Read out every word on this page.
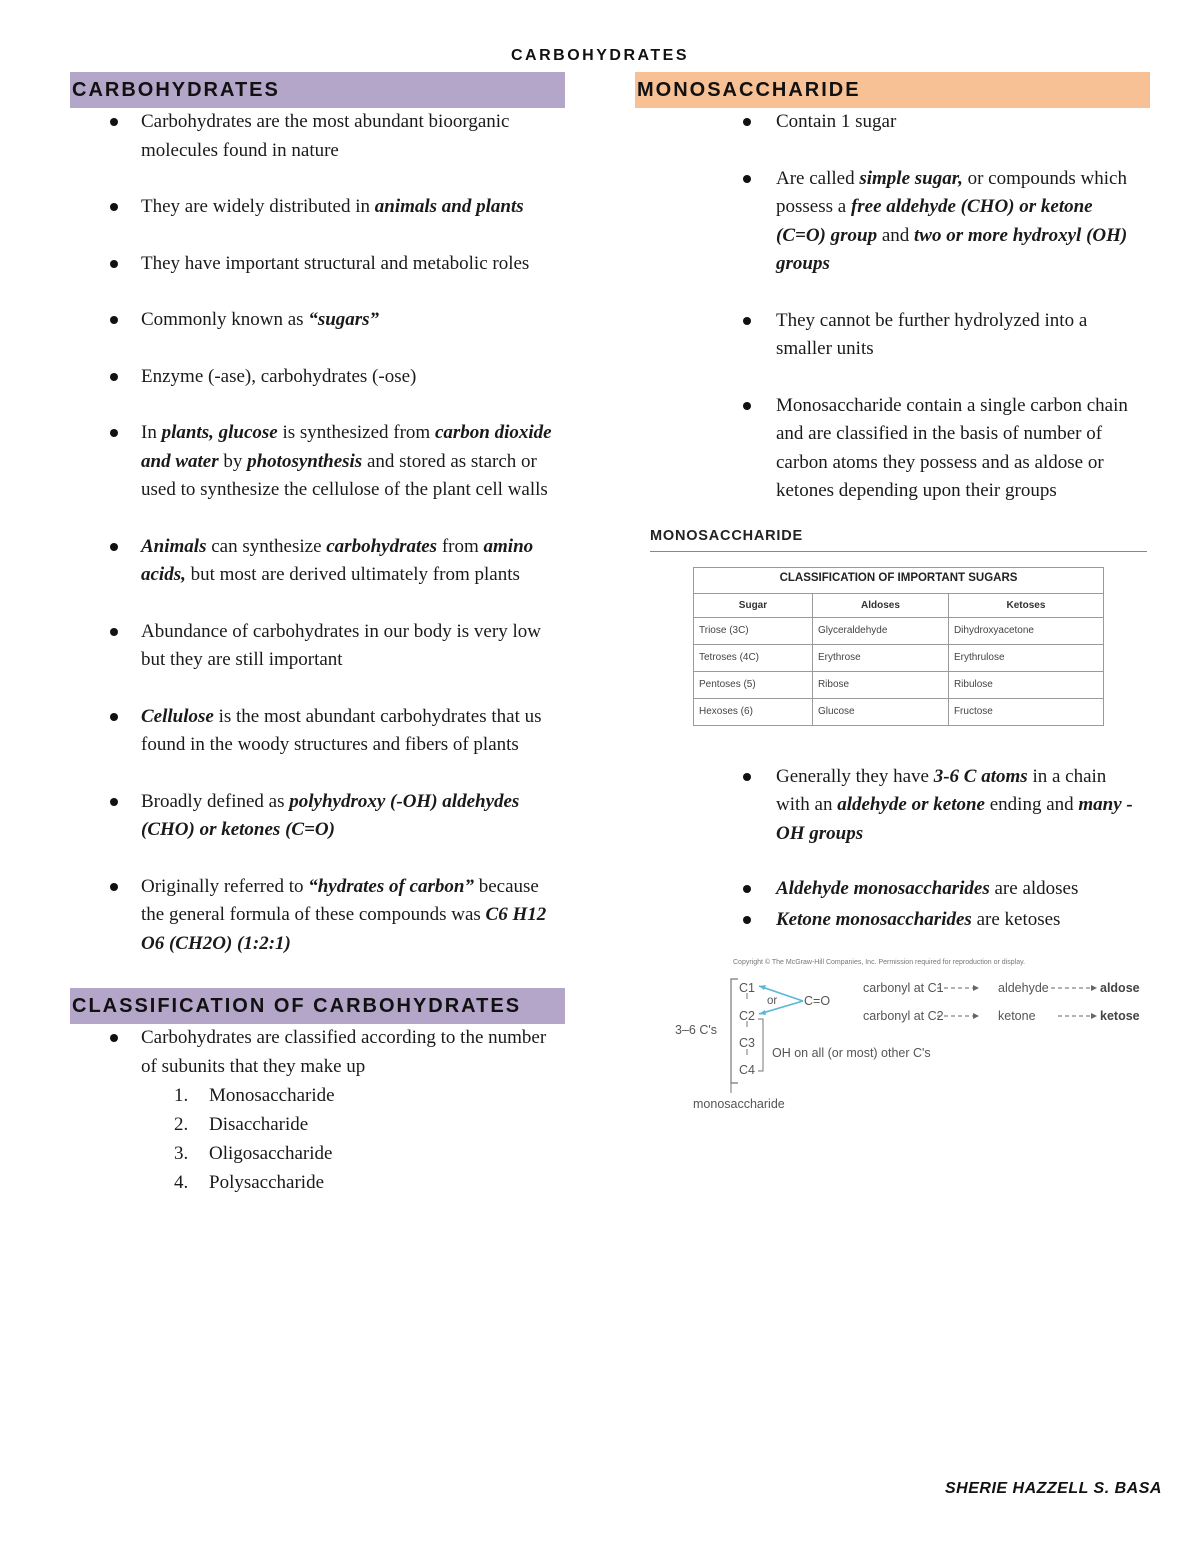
CARBOHYDRATES
CARBOHYDRATES
Carbohydrates are the most abundant bioorganic molecules found in nature
They are widely distributed in animals and plants
They have important structural and metabolic roles
Commonly known as “sugars”
Enzyme (-ase), carbohydrates (-ose)
In plants, glucose is synthesized from carbon dioxide and water by photosynthesis and stored as starch or used to synthesize the cellulose of the plant cell walls
Animals can synthesize carbohydrates from amino acids, but most are derived ultimately from plants
Abundance of carbohydrates in our body is very low but they are still important
Cellulose is the most abundant carbohydrates that us found in the woody structures and fibers of plants
Broadly defined as polyhydroxy (-OH) aldehydes (CHO) or ketones (C=O)
Originally referred to “hydrates of carbon” because the general formula of these compounds was C6 H12 O6 (CH2O) (1:2:1)
CLASSIFICATION OF CARBOHYDRATES
Carbohydrates are classified according to the number of subunits that they make up
1. Monosaccharide
2. Disaccharide
3. Oligosaccharide
4. Polysaccharide
MONOSACCHARIDE
Contain 1 sugar
Are called simple sugar, or compounds which possess a free aldehyde (CHO) or ketone (C=O) group and two or more hydroxyl (OH) groups
They cannot be further hydrolyzed into a smaller units
Monosaccharide contain a single carbon chain and are classified in the basis of number of carbon atoms they possess and as aldose or ketones depending upon their groups
MONOSACCHARIDE
CLASSIFICATION OF IMPORTANT SUGARS
Sugar	Aldoses	Ketoses
Triose (3C)	Glyceraldehyde	Dihydroxyacetone
Tetroses (4C)	Erythrose	Erythrulose
Pentoses (5)	Ribose	Ribulose
Hexoses (6)	Glucose	Fructose
Generally they have 3-6 C atoms in a chain with an aldehyde or ketone ending and many -OH groups
Aldehyde monosaccharides are aldoses
Ketone monosaccharides are ketoses
Copyright © The McGraw-Hill Companies, Inc. Permission required for reproduction or display.
C1
C2
C3
C4
or C=O
3–6 C's
OH on all (or most) other C's
carbonyl at C1	aldehyde	aldose
carbonyl at C2	ketone	ketose
monosaccharide
SHERIE HAZZELL S. BASA
